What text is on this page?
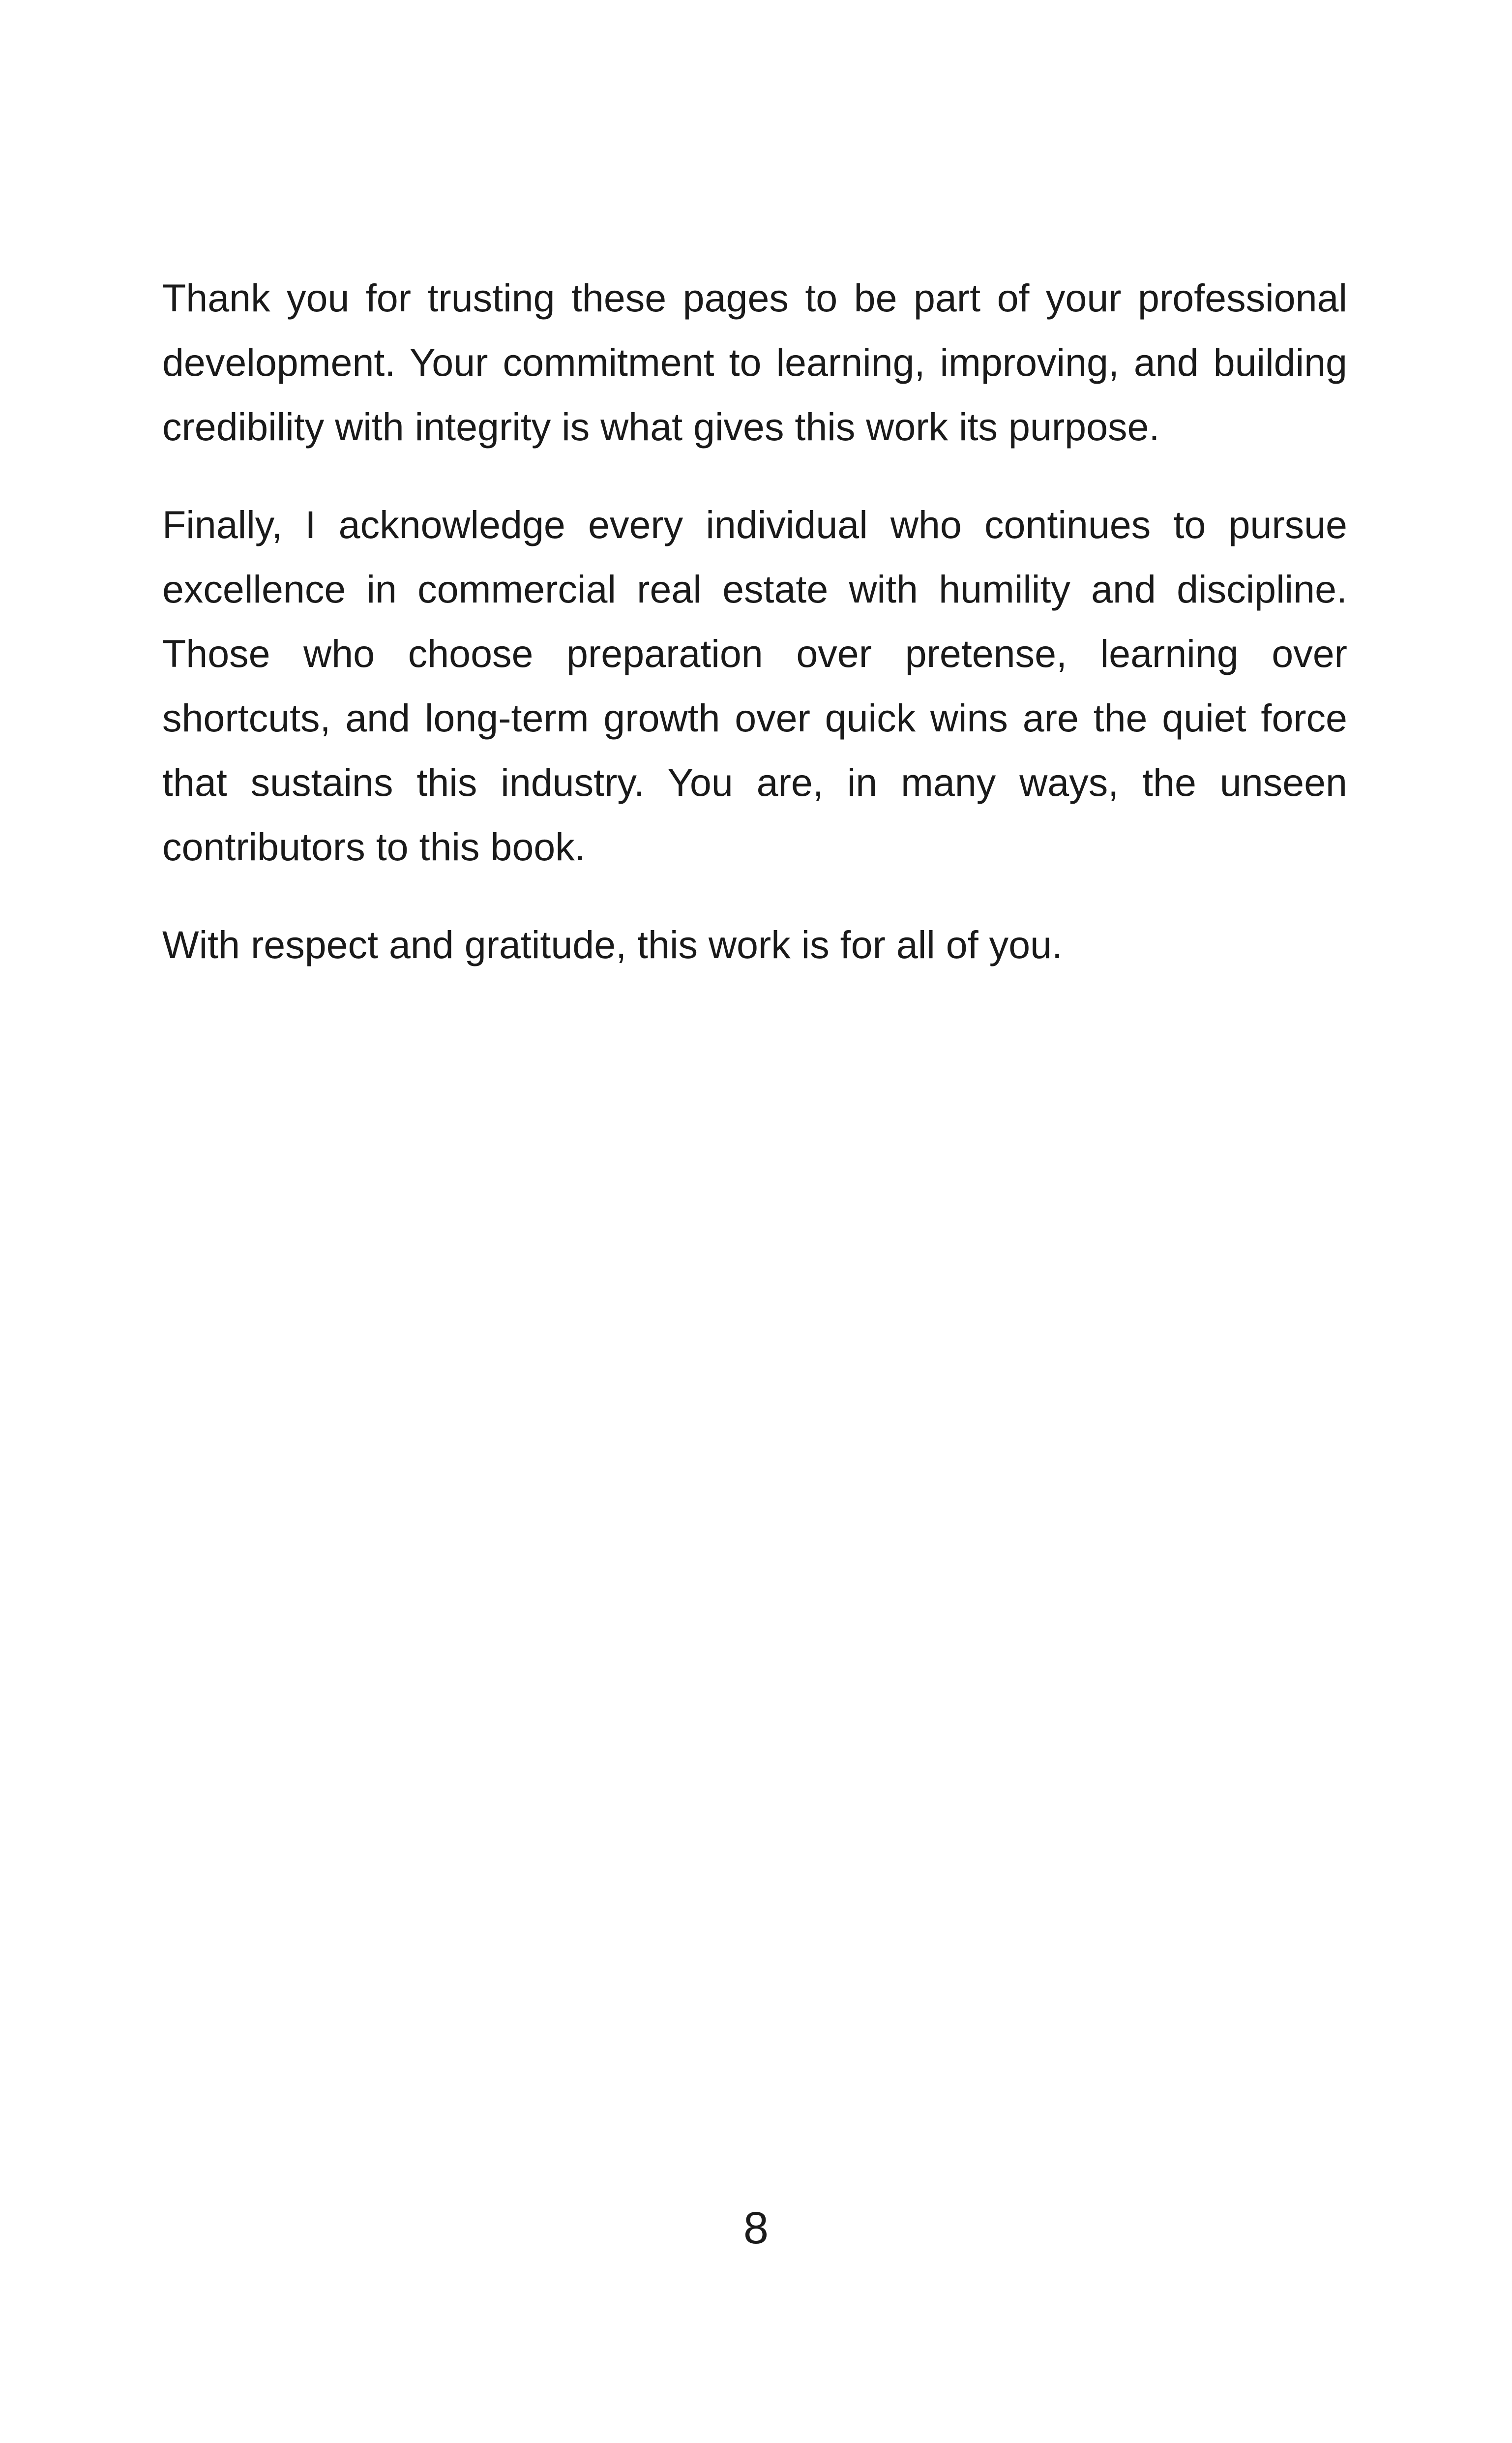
Thank you for trusting these pages to be part of your professional development. Your commitment to learning, improving, and building credibility with integrity is what gives this work its purpose.

Finally, I acknowledge every individual who continues to pursue excellence in commercial real estate with humility and discipline. Those who choose preparation over pretense, learning over shortcuts, and long-term growth over quick wins are the quiet force that sustains this industry. You are, in many ways, the unseen contributors to this book.

With respect and gratitude, this work is for all of you.

8
